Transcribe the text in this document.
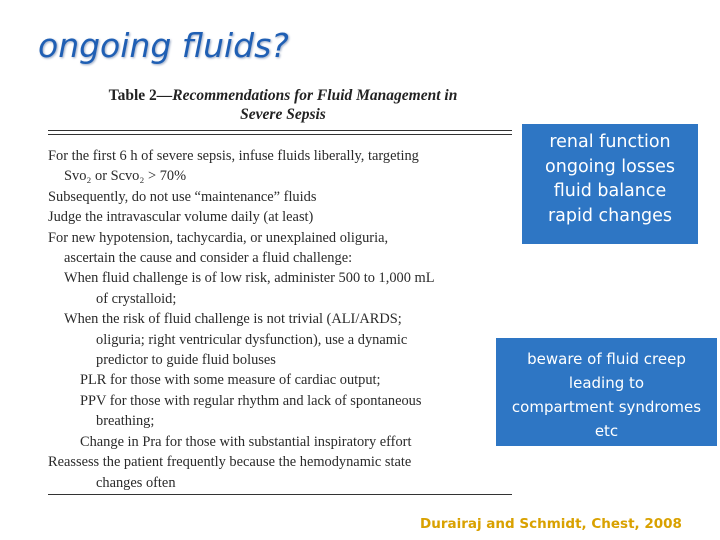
ongoing fluids?
Table 2—Recommendations for Fluid Management in
Severe Sepsis
For the first 6 h of severe sepsis, infuse fluids liberally, targeting
Svo₂ or Scvo₂ > 70%
Subsequently, do not use “maintenance” fluids
Judge the intravascular volume daily (at least)
For new hypotension, tachycardia, or unexplained oliguria,
ascertain the cause and consider a fluid challenge:
When fluid challenge is of low risk, administer 500 to 1,000 mL
of crystalloid;
When the risk of fluid challenge is not trivial (ALI/ARDS;
oliguria; right ventricular dysfunction), use a dynamic
predictor to guide fluid boluses
PLR for those with some measure of cardiac output;
PPV for those with regular rhythm and lack of spontaneous
breathing;
Change in Pra for those with substantial inspiratory effort
Reassess the patient frequently because the hemodynamic state
changes often
renal function
ongoing losses
fluid balance
rapid changes
beware of fluid creep
leading to
compartment syndromes
etc
Durairaj and Schmidt, Chest, 2008
